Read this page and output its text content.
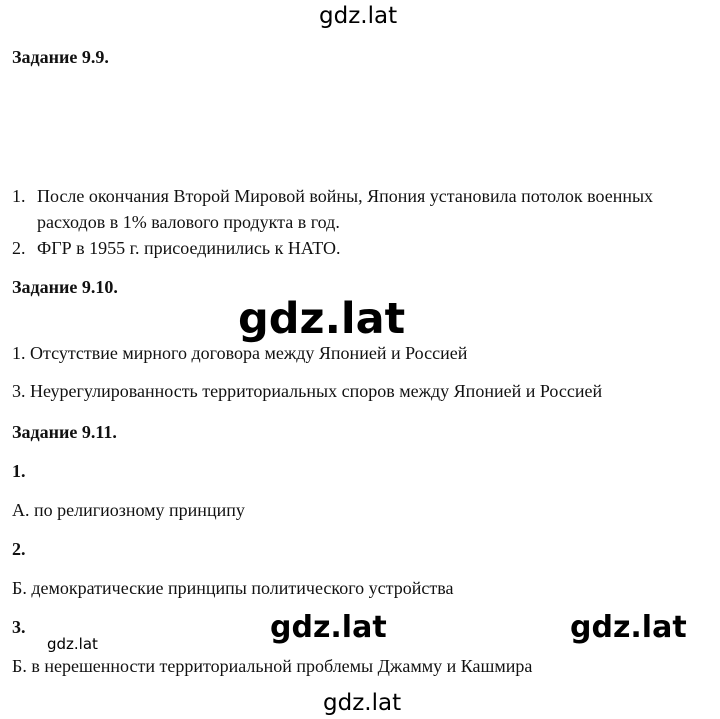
gdz.lat
Задание 9.9.
1. После окончания Второй Мировой войны, Япония установила потолок военных
расходов в 1% валового продукта в год.
2. ФГР в 1955 г. присоединились к НАТО.
Задание 9.10.
gdz.lat
1. Отсутствие мирного договора между Японией и Россией
3. Неурегулированность территориальных споров между Японией и Россией
Задание 9.11.
1.
А. по религиозному принципу
2.
Б. демократические принципы политического устройства
3.	gdz.lat	gdz.lat
gdz.lat
Б. в нерешенности территориальной проблемы Джамму и Кашмира
gdz.lat
